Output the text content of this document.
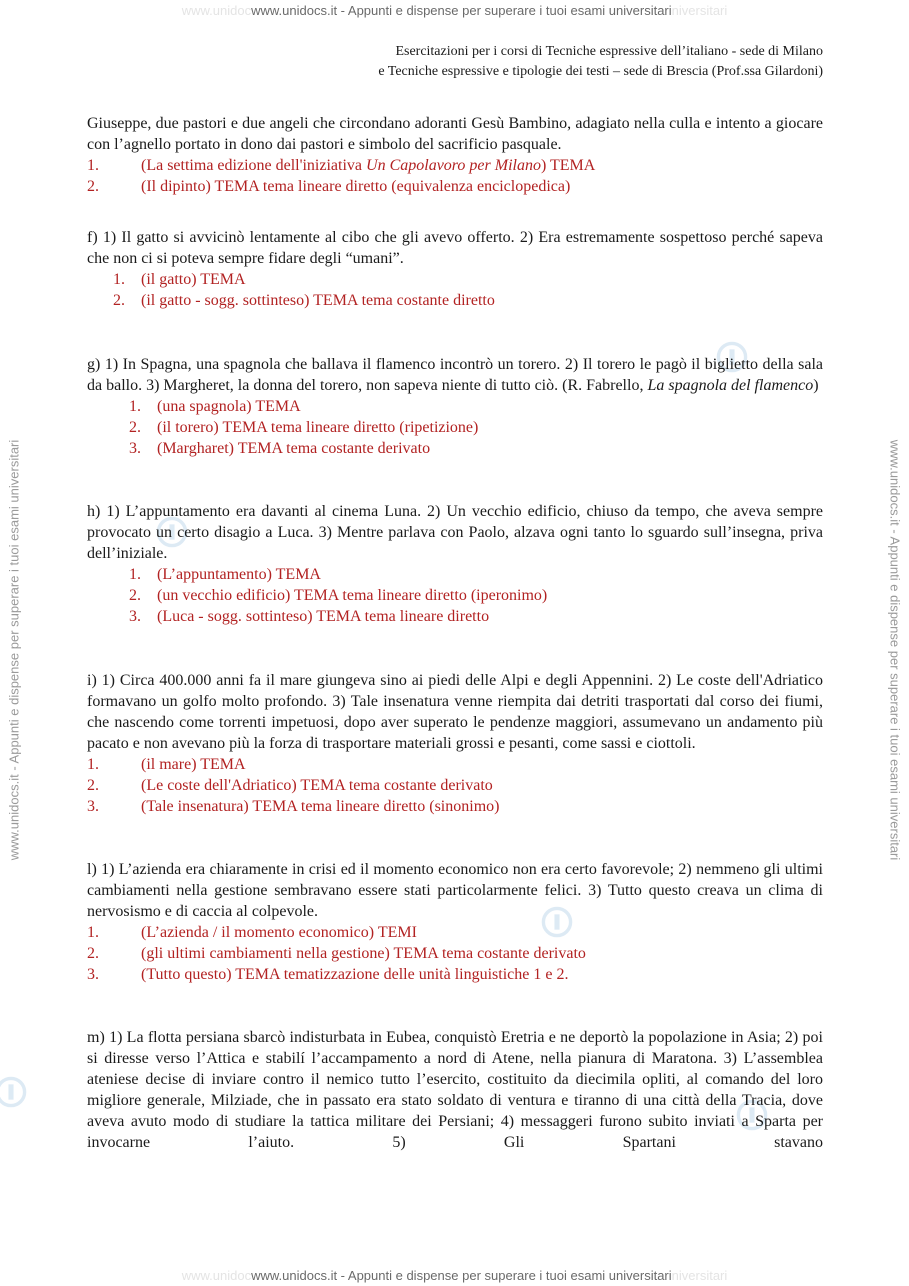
www.unidocwww.unidocs.it - Appunti e dispense per superare i tuoi esami universitariniversitari
www.unidocwww.unidocs.it - Appunti e dispense per superare i tuoi esami universitariniversitari
www.unidocs.it - Appunti e dispense per superare i tuoi esami universitari	www.unidocs.it - Appunti e dispense per superare i tuoi esami universitari
Esercitazioni per i corsi di Tecniche espressive dell’italiano - sede di Milano
e Tecniche espressive e tipologie dei testi – sede di Brescia (Prof.ssa Gilardoni)

Giuseppe, due pastori e due angeli che circondano adoranti Gesù Bambino, adagiato nella culla e intento a giocare con l’agnello portato in dono dai pastori e simbolo del sacrificio pasquale.

1.	(La settima edizione dell'iniziativa Un Capolavoro per Milano) TEMA
2.	(Il dipinto) TEMA tema lineare diretto (equivalenza enciclopedica)

f) 1) Il gatto si avvicinò lentamente al cibo che gli avevo offerto. 2) Era estremamente sospettoso perché sapeva che non ci si poteva sempre fidare degli “umani”.

1.	(il gatto) TEMA
2.	(il gatto - sogg. sottinteso) TEMA tema costante diretto

g) 1) In Spagna, una spagnola che ballava il flamenco incontrò un torero. 2) Il torero le pagò il biglietto della sala da ballo. 3) Margheret, la donna del torero, non sapeva niente di tutto ciò. (R. Fabrello, La spagnola del flamenco)

1.	(una spagnola) TEMA
2.	(il torero) TEMA tema lineare diretto (ripetizione)
3.	(Margharet) TEMA tema costante derivato

h) 1) L’appuntamento era davanti al cinema Luna. 2) Un vecchio edificio, chiuso da tempo, che aveva sempre provocato un certo disagio a Luca. 3) Mentre parlava con Paolo, alzava ogni tanto lo sguardo sull’insegna, priva dell’iniziale.

1.	(L’appuntamento) TEMA
2.	(un vecchio edificio) TEMA tema lineare diretto (iperonimo)
3.	(Luca - sogg. sottinteso) TEMA tema lineare diretto

i) 1) Circa 400.000 anni fa il mare giungeva sino ai piedi delle Alpi e degli Appennini. 2) Le coste dell'Adriatico formavano un golfo molto profondo. 3) Tale insenatura venne riempita dai detriti trasportati dal corso dei fiumi, che nascendo come torrenti impetuosi, dopo aver superato le pendenze maggiori, assumevano un andamento più pacato e non avevano più la forza di trasportare materiali grossi e pesanti, come sassi e ciottoli.

1.	(il mare) TEMA
2.	(Le coste dell'Adriatico) TEMA tema costante derivato
3.	(Tale insenatura) TEMA tema lineare diretto (sinonimo)

l) 1) L’azienda era chiaramente in crisi ed il momento economico non era certo favorevole; 2) nemmeno gli ultimi cambiamenti nella gestione sembravano essere stati particolarmente felici. 3) Tutto questo creava un clima di nervosismo e di caccia al colpevole.

1.	(L’azienda / il momento economico) TEMI
2.	(gli ultimi cambiamenti nella gestione) TEMA tema costante derivato
3.	(Tutto questo) TEMA tematizzazione delle unità linguistiche 1 e 2.

m) 1) La flotta persiana sbarcò indisturbata in Eubea, conquistò Eretria e ne deportò la popolazione in Asia; 2) poi si diresse verso l’Attica e stabilí l’accampamento a nord di Atene, nella pianura di Maratona. 3) L’assemblea ateniese decise di inviare contro il nemico tutto l’esercito, costituito da diecimila opliti, al comando del loro migliore generale, Milziade, che in passato era stato soldato di ventura e tiranno di una città della Tracia, dove aveva avuto modo di studiare la tattica militare dei Persiani; 4) messaggeri furono subito inviati a Sparta per invocarne l’aiuto. 5) Gli Spartani stavano
